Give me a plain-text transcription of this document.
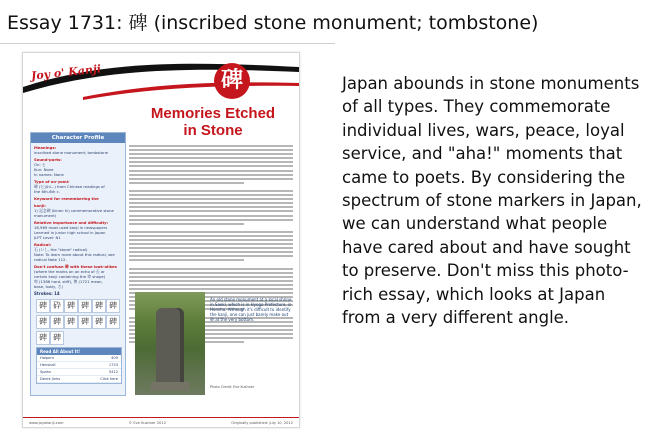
Essay 1731: 碑 (inscribed stone monument; tombstone)
Joy o' Kanji	碑
Memories Etched
in Stone
Character Profile
Meanings:
inscribed stone monument; tombstone
Sound-parts:
On: ヒ
Kun: None
In names: None
Type of on-yomi:
碑 (ヒ)(hi...) from Chinese readings of
the 6th-6th c.
Keyword for remembering the
kanji:
1) 記念碑 (kinen hi) commemorative stone
monument)
Relative importance and difficulty:
18,969 most used kanji in newspapers
Learned in junior high school in Japan
JLPT Level: N1
Radical:
石 (いし, the "stone" radical)
Note: To learn more about this radical, see
radical Note 112.
Don't confuse 碑 with these look-alikes
(where the marks on an echo of 石 or
certain kanji containing the 卑 shape)
卑 (1386 hard, stiff), 俾 (1721 mean,
base, lowly, さ)
Strokes: 14
碑 砕 碑 碑 碑 碑
碑 碑 碑 碑 碑 碑
碑 碑
Read All About It!
Halpern	409
Henshall	1733
Spahn	5412
Derek Jinks	Click here
An old stone monument at a local shrine in Saeki, which is in Hyogo Prefecture, in Honshu. Although it's difficult to identify the kanji, one can just barely make out 碑 at the very bottom.
Photo Credit: Eve Kushner
www.joyokanji.com	© Eve Kushner 2012	Originally published: July 10, 2012
Japan abounds in stone monuments of all types. They commemorate individual lives, wars, peace, loyal service, and "aha!" moments that came to poets. By considering the spectrum of stone markers in Japan, we can understand what people have cared about and have sought to preserve. Don't miss this photo-rich essay, which looks at Japan from a very different angle.
